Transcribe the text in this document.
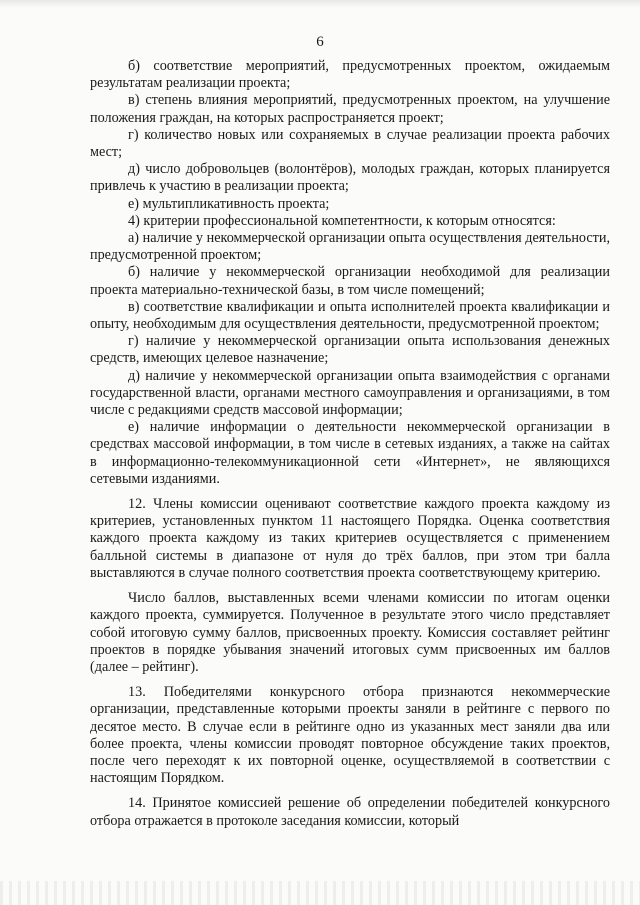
6

б) соответствие мероприятий, предусмотренных проектом, ожидаемым результатам реализации проекта;

в) степень влияния мероприятий, предусмотренных проектом, на улучшение положения граждан, на которых распространяется проект;

г) количество новых или сохраняемых в случае реализации проекта рабочих мест;

д) число добровольцев (волонтёров), молодых граждан, которых планируется привлечь к участию в реализации проекта;

е) мультипликативность проекта;

4) критерии профессиональной компетентности, к которым относятся:

а) наличие у некоммерческой организации опыта осуществления деятельности, предусмотренной проектом;

б) наличие у некоммерческой организации необходимой для реализации проекта материально-технической базы, в том числе помещений;

в) соответствие квалификации и опыта исполнителей проекта квалификации и опыту, необходимым для осуществления деятельности, предусмотренной проектом;

г) наличие у некоммерческой организации опыта использования денежных средств, имеющих целевое назначение;

д) наличие у некоммерческой организации опыта взаимодействия с органами государственной власти, органами местного самоуправления и организациями, в том числе с редакциями средств массовой информации;

е) наличие информации о деятельности некоммерческой организации в средствах массовой информации, в том числе в сетевых изданиях, а также на сайтах в информационно-телекоммуникационной сети «Интернет», не являющихся сетевыми изданиями.

12. Члены комиссии оценивают соответствие каждого проекта каждому из критериев, установленных пунктом 11 настоящего Порядка. Оценка соответствия каждого проекта каждому из таких критериев осуществляется с применением балльной системы в диапазоне от нуля до трёх баллов, при этом три балла выставляются в случае полного соответствия проекта соответствующему критерию.

Число баллов, выставленных всеми членами комиссии по итогам оценки каждого проекта, суммируется. Полученное в результате этого число представляет собой итоговую сумму баллов, присвоенных проекту. Комиссия составляет рейтинг проектов в порядке убывания значений итоговых сумм присвоенных им баллов (далее – рейтинг).

13. Победителями конкурсного отбора признаются некоммерческие организации, представленные которыми проекты заняли в рейтинге с первого по десятое место. В случае если в рейтинге одно из указанных мест заняли два или более проекта, члены комиссии проводят повторное обсуждение таких проектов, после чего переходят к их повторной оценке, осуществляемой в соответствии с настоящим Порядком.

14. Принятое комиссией решение об определении победителей конкурсного отбора отражается в протоколе заседания комиссии, который
